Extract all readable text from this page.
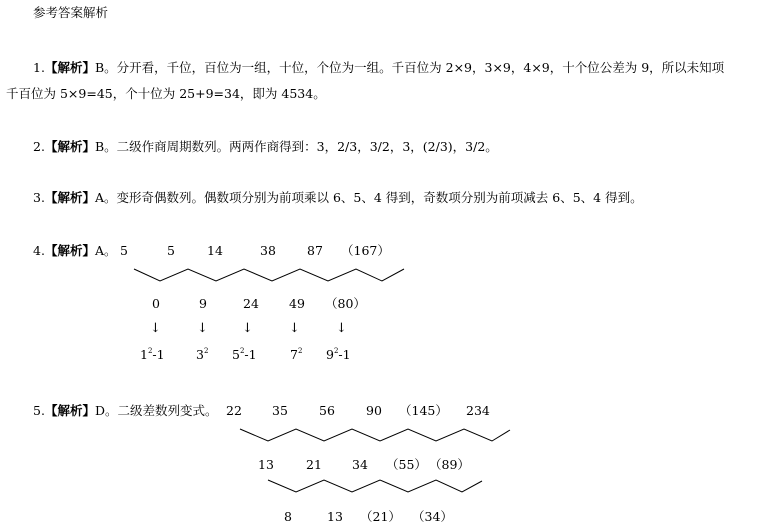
参考答案解析
1.【解析】B。分开看，千位，百位为一组，十位，个位为一组。千百位为 2×9，3×9，4×9，十个位公差为 9，所以未知项
千百位为 5×9=45，个十位为 25+9=34，即为 4534。
2.【解析】B。二级作商周期数列。两两作商得到：3，2/3，3/2，3，(2/3)，3/2。
3.【解析】A。变形奇偶数列。偶数项分别为前项乘以 6、5、4 得到，奇数项分别为前项减去 6、5、4 得到。
4.【解析】A。 5	5	14	38 87 （167）
0	9	24 49 （80）
↓	↓	↓	↓	↓
$1^2-1$	$3^2$ $5^2-1$	$7^2$ $9^2-1$
5.【解析】D。二级差数列变式。 22 35 56 90 （145） 234
13	21 34 （55） （89）
8	13 （21） （34）
